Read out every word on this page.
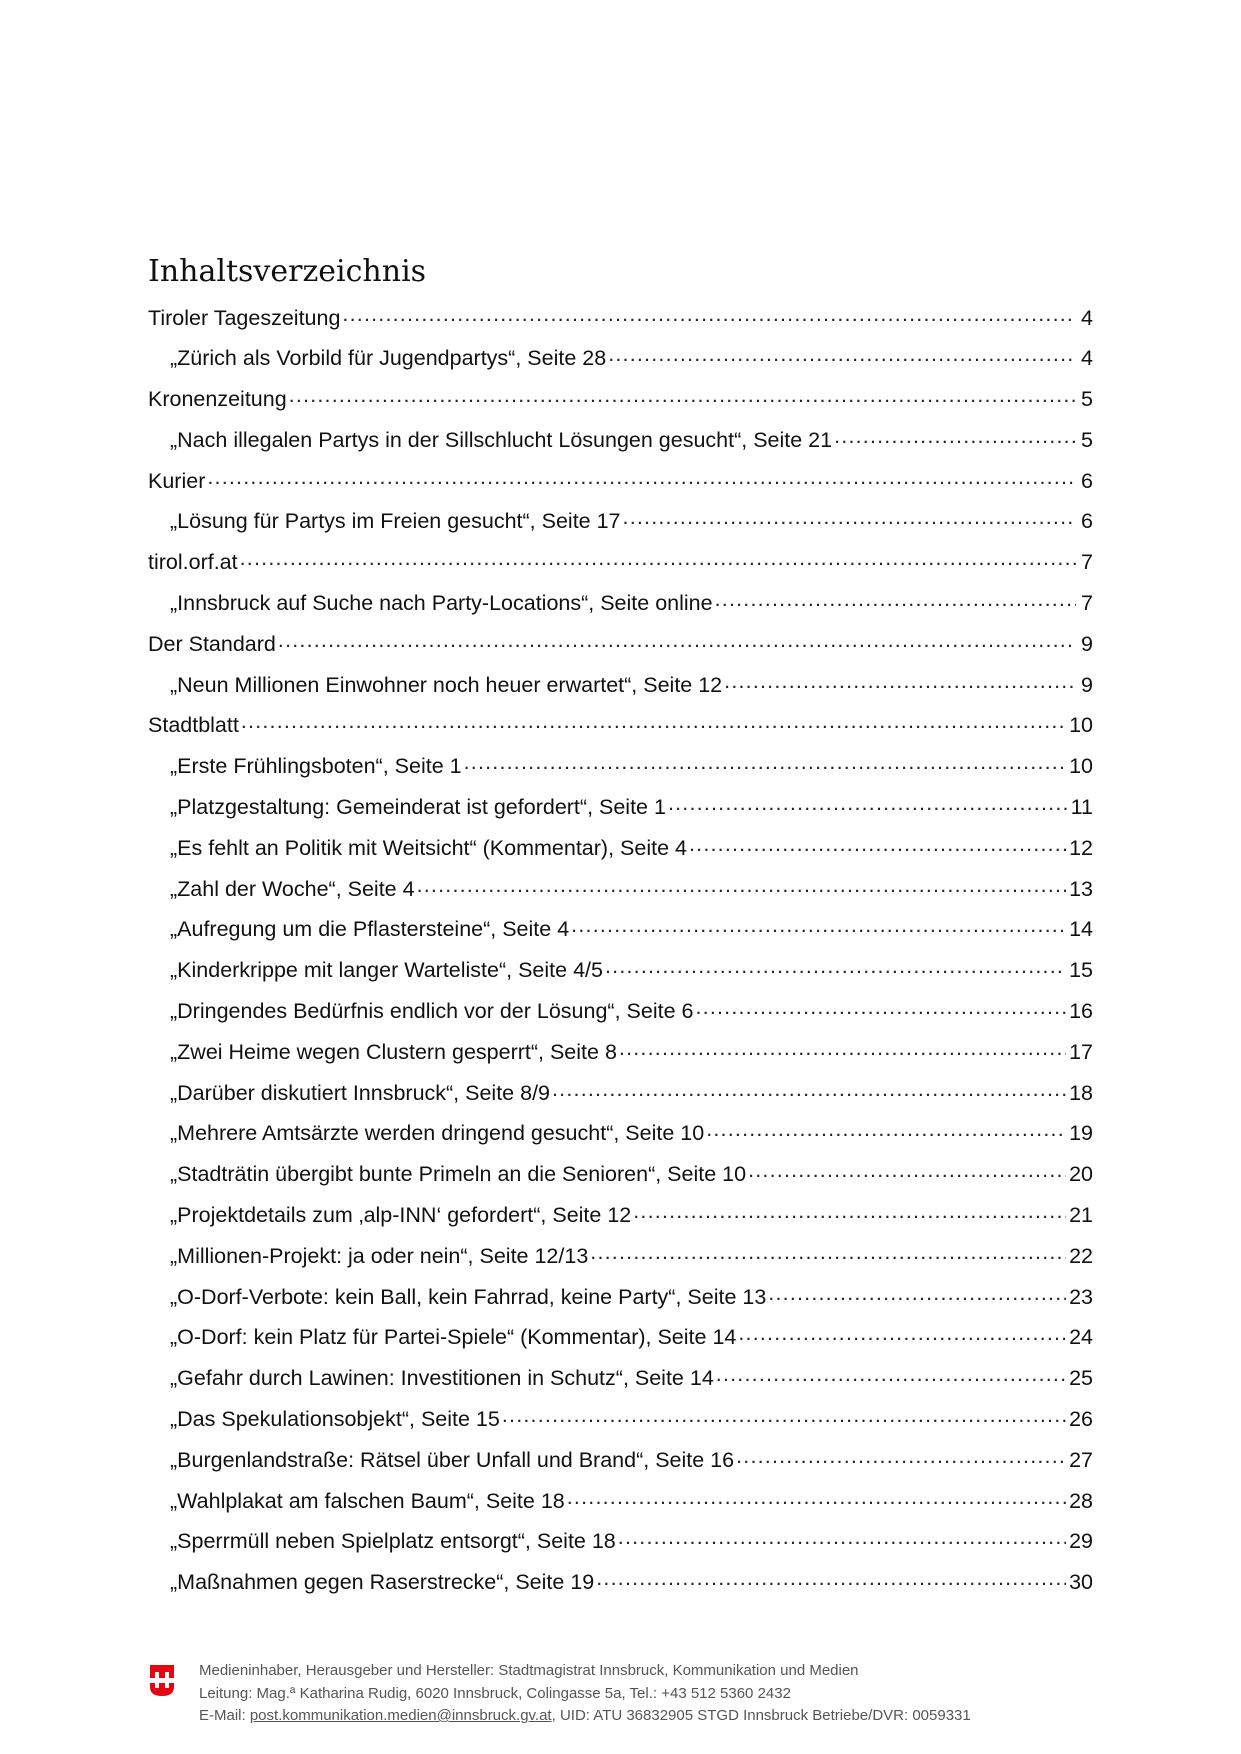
Inhaltsverzeichnis
Tiroler Tageszeitung .....	4
„Zürich als Vorbild für Jugendpartys“, Seite 28 .....	4
Kronenzeitung .....	5
„Nach illegalen Partys in der Sillschlucht Lösungen gesucht“, Seite 21 .....	5
Kurier .....	6
„Lösung für Partys im Freien gesucht“, Seite 17 .....	6
tirol.orf.at .....	7
„Innsbruck auf Suche nach Party-Locations“, Seite online .....	7
Der Standard .....	9
„Neun Millionen Einwohner noch heuer erwartet“, Seite 12 .....	9
Stadtblatt .....	10
„Erste Frühlingsboten“, Seite 1 .....	10
„Platzgestaltung: Gemeinderat ist gefordert“, Seite 1 .....	11
„Es fehlt an Politik mit Weitsicht“ (Kommentar), Seite 4 .....	12
„Zahl der Woche“, Seite 4 .....	13
„Aufregung um die Pflastersteine“, Seite 4 .....	14
„Kinderkrippe mit langer Warteliste“, Seite 4/5 .....	15
„Dringendes Bedürfnis endlich vor der Lösung“, Seite 6 .....	16
„Zwei Heime wegen Clustern gesperrt“, Seite 8 .....	17
„Darüber diskutiert Innsbruck“, Seite 8/9 .....	18
„Mehrere Amtsärzte werden dringend gesucht“, Seite 10 .....	19
„Stadträtin übergibt bunte Primeln an die Senioren“, Seite 10 .....	20
„Projektdetails zum ‚alp-INN‘ gefordert“, Seite 12 .....	21
„Millionen-Projekt: ja oder nein“, Seite 12/13 .....	22
„O-Dorf-Verbote: kein Ball, kein Fahrrad, keine Party“, Seite 13 .....	23
„O-Dorf: kein Platz für Partei-Spiele“ (Kommentar), Seite 14 .....	24
„Gefahr durch Lawinen: Investitionen in Schutz“, Seite 14 .....	25
„Das Spekulationsobjekt“, Seite 15 .....	26
„Burgenlandstraße: Rätsel über Unfall und Brand“, Seite 16 .....	27
„Wahlplakat am falschen Baum“, Seite 18 .....	28
„Sperrmüll neben Spielplatz entsorgt“, Seite 18 .....	29
„Maßnahmen gegen Raserstrecke“, Seite 19 .....	30
Medieninhaber, Herausgeber und Hersteller: Stadtmagistrat Innsbruck, Kommunikation und Medien
Leitung: Mag.ª Katharina Rudig, 6020 Innsbruck, Colingasse 5a, Tel.: +43 512 5360 2432
E-Mail: post.kommunikation.medien@innsbruck.gv.at, UID: ATU 36832905 STGD Innsbruck Betriebe/DVR: 0059331
